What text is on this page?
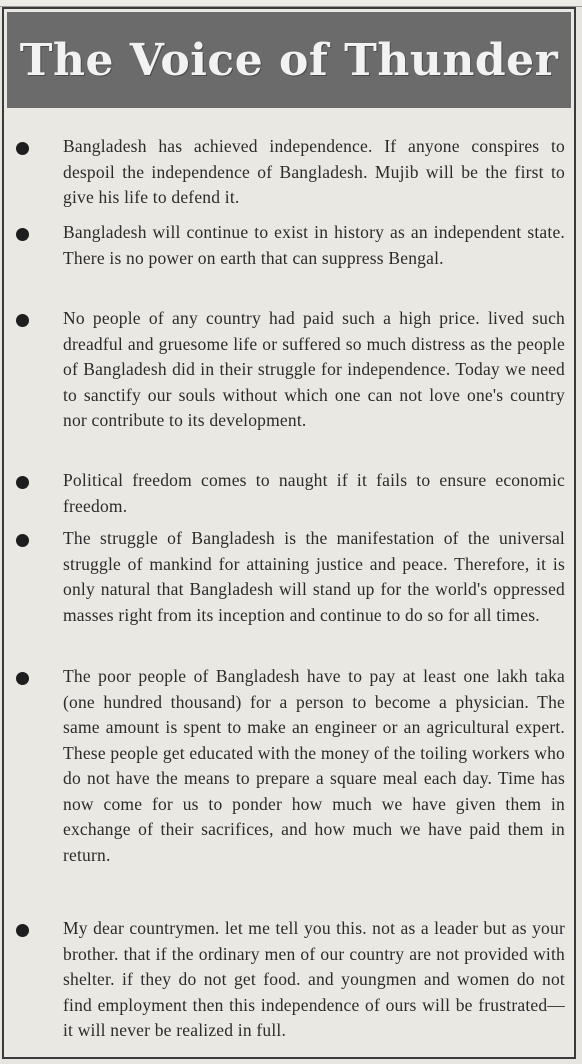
The Voice of Thunder
Bangladesh has achieved independence. If anyone conspires to despoil the independence of Bangladesh. Mujib will be the first to give his life to defend it.
Bangladesh will continue to exist in history as an independent state. There is no power on earth that can suppress Bengal.
No people of any country had paid such a high price. lived such dreadful and gruesome life or suffered so much distress as the people of Bangladesh did in their struggle for independence. Today we need to sanctify our souls without which one can not love one's country nor contribute to its development.
Political freedom comes to naught if it fails to ensure economic freedom.
The struggle of Bangladesh is the manifestation of the universal struggle of mankind for attaining justice and peace. Therefore, it is only natural that Bangladesh will stand up for the world's oppressed masses right from its inception and continue to do so for all times.
The poor people of Bangladesh have to pay at least one lakh taka (one hundred thousand) for a person to become a physician. The same amount is spent to make an engineer or an agricultural expert. These people get educated with the money of the toiling workers who do not have the means to prepare a square meal each day. Time has now come for us to ponder how much we have given them in exchange of their sacrifices, and how much we have paid them in return.
My dear countrymen. let me tell you this. not as a leader but as your brother. that if the ordinary men of our country are not provided with shelter. if they do not get food. and youngmen and women do not find employment then this independence of ours will be frustrated—it will never be realized in full.
